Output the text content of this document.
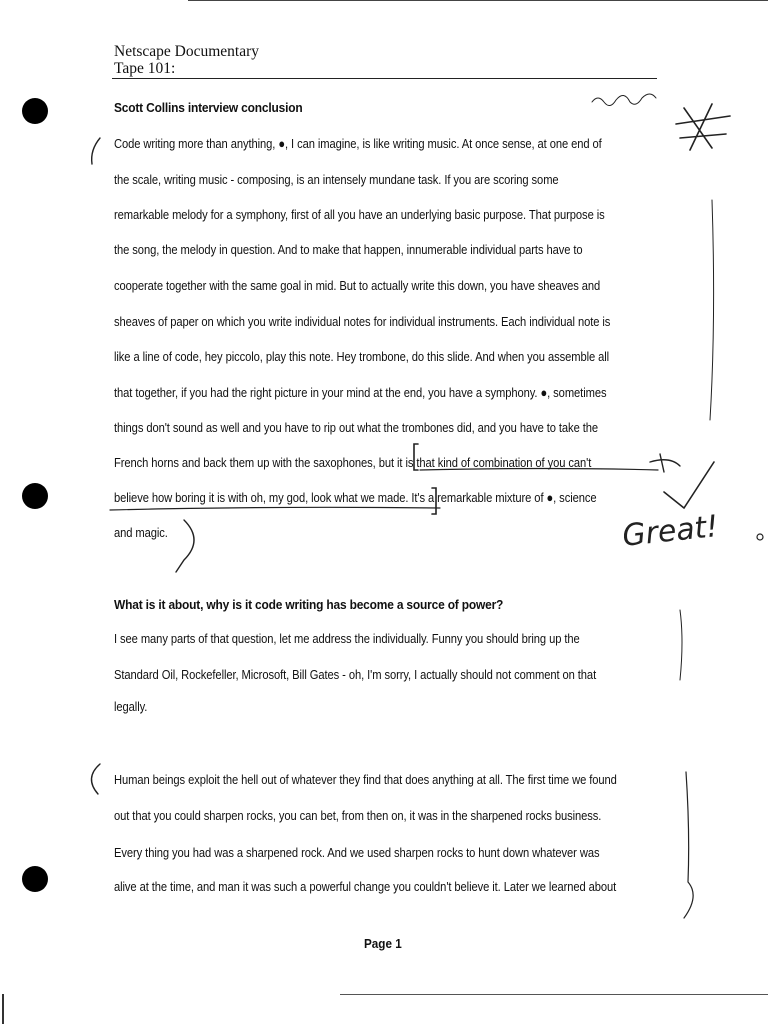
Netscape Documentary
Tape 101:
Scott Collins interview conclusion
Code writing more than anything, ●, I can imagine, is like writing music. At once sense, at one end of
the scale, writing music - composing, is an intensely mundane task. If you are scoring some
remarkable melody for a symphony, first of all you have an underlying basic purpose. That purpose is
the song, the melody in question. And to make that happen, innumerable individual parts have to
cooperate together with the same goal in mid. But to actually write this down, you have sheaves and
sheaves of paper on which you write individual notes for individual instruments. Each individual note is
like a line of code, hey piccolo, play this note. Hey trombone, do this slide. And when you assemble all
that together, if you had the right picture in your mind at the end, you have a symphony. ●, sometimes
things don't sound as well and you have to rip out what the trombones did, and you have to take the
French horns and back them up with the saxophones, but it is that kind of combination of you can't
believe how boring it is with oh, my god, look what we made. It's a remarkable mixture of ●, science
and magic.
What is it about, why is it code writing has become a source of power?
I see many parts of that question, let me address the individually. Funny you should bring up the
Standard Oil, Rockefeller, Microsoft, Bill Gates - oh, I'm sorry, I actually should not comment on that
legally.
Human beings exploit the hell out of whatever they find that does anything at all. The first time we found
out that you could sharpen rocks, you can bet, from then on, it was in the sharpened rocks business.
Every thing you had was a sharpened rock. And we used sharpen rocks to hunt down whatever was
alive at the time, and man it was such a powerful change you couldn't believe it. Later we learned about
Page 1
Great!
